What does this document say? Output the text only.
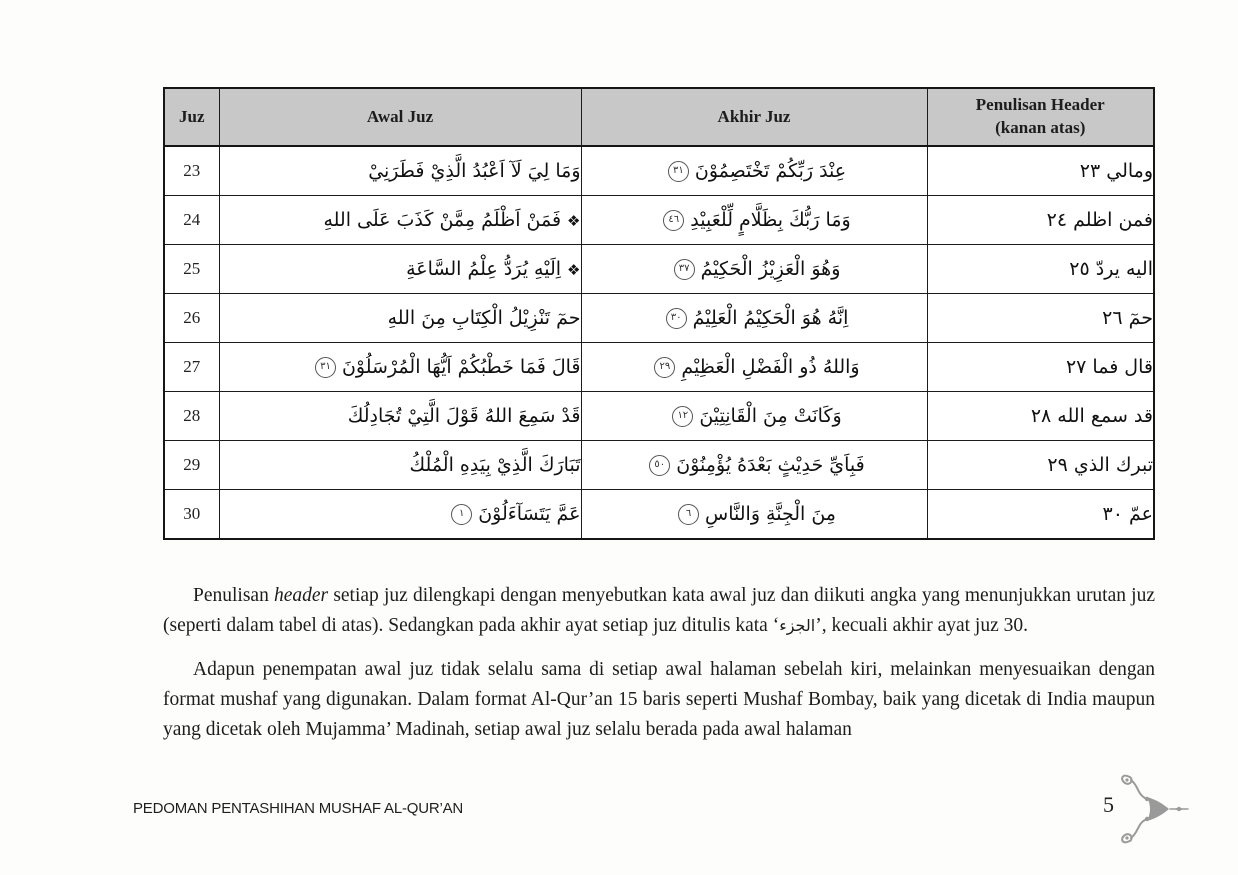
Juz	Awal Juz	Akhir Juz	Penulisan Header
(kanan atas)
23	وَمَا لِيَ لَآ اَعْبُدُ الَّذِيْ فَطَرَنِيْ	عِنْدَ رَبِّكُمْ تَخْتَصِمُوْنَ٣١	ومالي ٢٣
24	❖فَمَنْ اَظْلَمُ مِمَّنْ كَذَبَ عَلَى اللهِ	وَمَا رَبُّكَ بِظَلَّامٍ لِّلْعَبِيْدِ٤٦	فمن اظلم ٢٤
25	❖اِلَيْهِ يُرَدُّ عِلْمُ السَّاعَةِ	وَهُوَ الْعَزِيْزُ الْحَكِيْمُ٣٧	اليه يردّ ٢٥
26	حمٓ تَنْزِيْلُ الْكِتَابِ مِنَ اللهِ	اِنَّهُ هُوَ الْحَكِيْمُ الْعَلِيْمُ٣٠	حمٓ ٢٦
27	قَالَ فَمَا خَطْبُكُمْ اَيُّهَا الْمُرْسَلُوْنَ٣١	وَاللهُ ذُو الْفَضْلِ الْعَظِيْمِ٢٩	قال فما ٢٧
28	قَدْ سَمِعَ اللهُ قَوْلَ الَّتِيْ تُجَادِلُكَ	وَكَانَتْ مِنَ الْقَانِتِيْنَ١٢	قد سمع الله ٢٨
29	تَبَارَكَ الَّذِيْ بِيَدِهِ الْمُلْكُ	فَبِاَيِّ حَدِيْثٍ بَعْدَهُ يُؤْمِنُوْنَ٥٠	تبرك الذي ٢٩
30	عَمَّ يَتَسَآءَلُوْنَ١	مِنَ الْجِنَّةِ وَالنَّاسِ٦	عمّ ٣٠

Penulisan header setiap juz dilengkapi dengan menyebutkan kata awal juz dan diikuti angka yang menunjukkan urutan juz (seperti dalam tabel di atas). Sedangkan pada akhir ayat setiap juz ditulis kata ‘الجزء’, kecuali akhir ayat juz 30.

Adapun penempatan awal juz tidak selalu sama di setiap awal halaman sebelah kiri, melainkan menyesuaikan dengan format mushaf yang digunakan. Dalam format Al-Qur’an 15 baris seperti Mushaf Bombay, baik yang dicetak di India maupun yang dicetak oleh Mujamma’ Madinah, setiap awal juz selalu berada pada awal halaman

PEDOMAN PENTASHIHAN MUSHAF AL-QUR’AN	5
